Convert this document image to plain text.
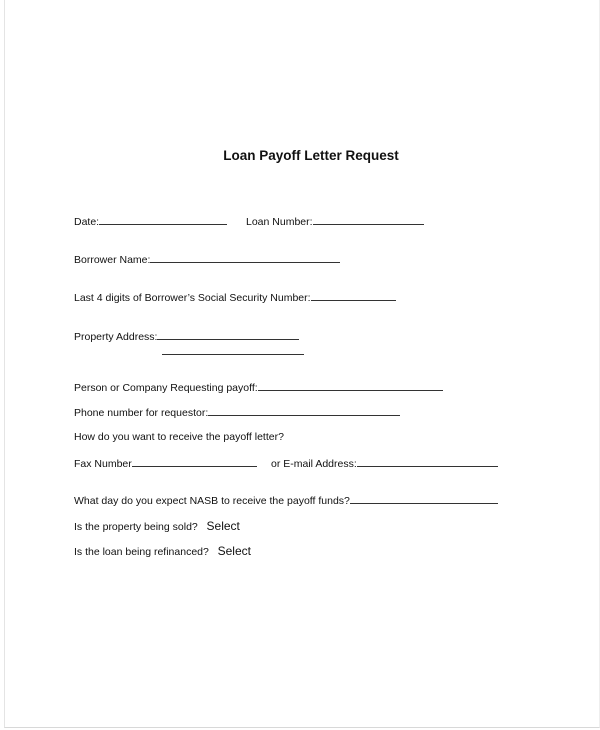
Loan Payoff Letter Request
Date:	Loan Number:
Borrower Name:
Last 4 digits of Borrower’s Social Security Number:
Property Address:
Person or Company Requesting payoff:
Phone number for requestor:
How do you want to receive the payoff letter?
Fax Number	or E-mail Address:
What day do you expect NASB to receive the payoff funds?
Is the property being sold? Select
Is the loan being refinanced? Select
